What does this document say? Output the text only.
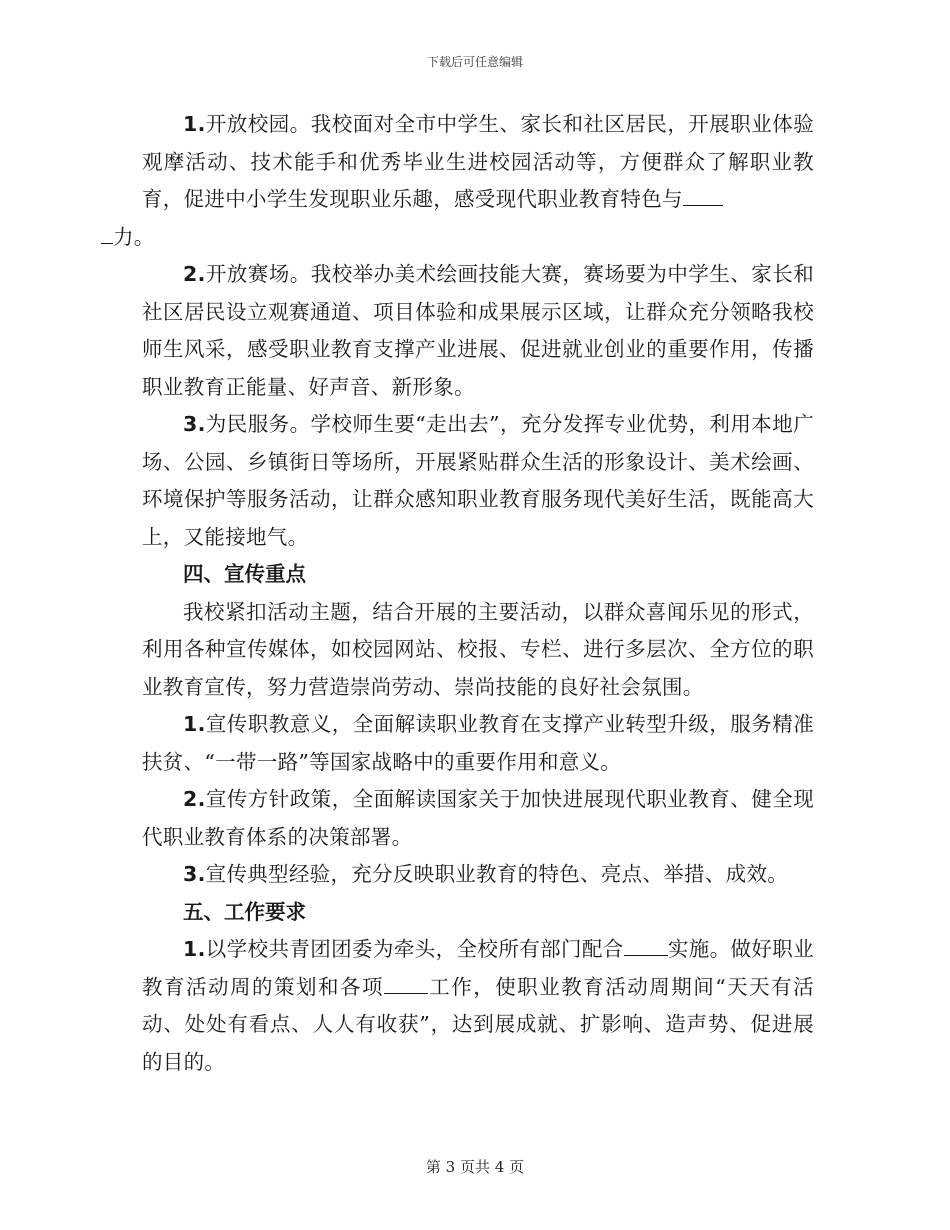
下载后可任意编辑

1.开放校园。我校面对全市中学生、家长和社区居民，开展职业体验观摩活动、技术能手和优秀毕业生进校园活动等，方便群众了解职业教育，促进中小学生发现职业乐趣，感受现代职业教育特色与
力。

2.开放赛场。我校举办美术绘画技能大赛，赛场要为中学生、家长和社区居民设立观赛通道、项目体验和成果展示区域，让群众充分领略我校师生风采，感受职业教育支撑产业进展、促进就业创业的重要作用，传播职业教育正能量、好声音、新形象。

3.为民服务。学校师生要“走出去”，充分发挥专业优势，利用本地广场、公园、乡镇街日等场所，开展紧贴群众生活的形象设计、美术绘画、环境保护等服务活动，让群众感知职业教育服务现代美好生活，既能高大上，又能接地气。

四、宣传重点

我校紧扣活动主题，结合开展的主要活动，以群众喜闻乐见的形式，利用各种宣传媒体，如校园网站、校报、专栏、进行多层次、全方位的职业教育宣传，努力营造崇尚劳动、崇尚技能的良好社会氛围。

1.宣传职教意义，全面解读职业教育在支撑产业转型升级，服务精准扶贫、“一带一路”等国家战略中的重要作用和意义。

2.宣传方针政策，全面解读国家关于加快进展现代职业教育、健全现代职业教育体系的决策部署。

3.宣传典型经验，充分反映职业教育的特色、亮点、举措、成效。

五、工作要求

1.以学校共青团团委为牵头，全校所有部门配合 实施。做好职业教育活动周的策划和各项 工作，使职业教育活动周期间“天天有活动、处处有看点、人人有收获”，达到展成就、扩影响、造声势、促进展的目的。

第 3 页共 4 页
